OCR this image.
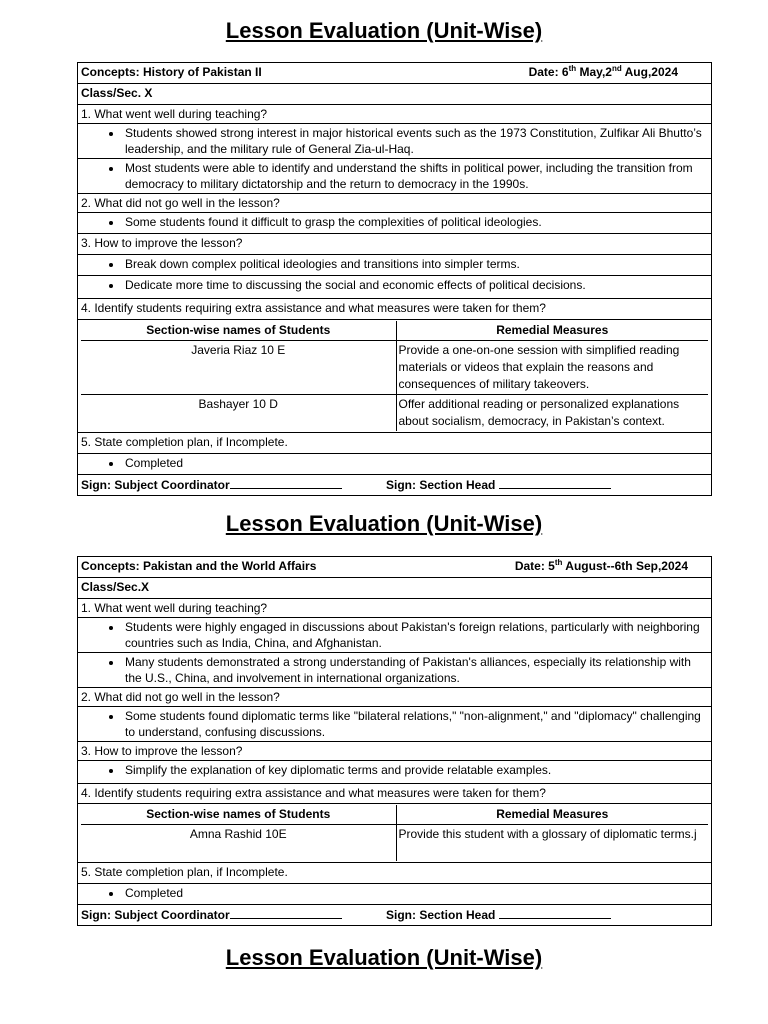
Lesson Evaluation (Unit-Wise)
Concepts: History of Pakistan II	Date: 6th May,2nd Aug,2024

Class/Sec. X
1. What went well during teaching?

• Students showed strong interest in major historical events such as the 1973 Constitution, Zulfikar Ali Bhutto’s leadership, and the military rule of General Zia-ul-Haq.

• Most students were able to identify and understand the shifts in political power, including the transition from democracy to military dictatorship and the return to democracy in the 1990s.

2. What did not go well in the lesson?

• Some students found it difficult to grasp the complexities of political ideologies.

3. How to improve the lesson?

• Break down complex political ideologies and transitions into simpler terms.

• Dedicate more time to discussing the social and economic effects of political decisions.

4. Identify students requiring extra assistance and what measures were taken for them?

Section-wise names of Students	Remedial Measures
Javeria Riaz 10 E	Provide a one-on-one session with simplified reading materials or videos that explain the reasons and consequences of military takeovers.
Bashayer 10 D	Offer additional reading or personalized explanations about socialism, democracy, in Pakistan’s context.

5. State completion plan, if Incomplete.

• Completed

Sign: Subject Coordinator	Sign: Section Head
Lesson Evaluation (Unit-Wise)
Concepts: Pakistan and the World Affairs	Date: 5th August--6th Sep,2024

Class/Sec.X
1. What went well during teaching?

• Students were highly engaged in discussions about Pakistan's foreign relations, particularly with neighboring countries such as India, China, and Afghanistan.

• Many students demonstrated a strong understanding of Pakistan's alliances, especially its relationship with the U.S., China, and involvement in international organizations.

2. What did not go well in the lesson?

• Some students found diplomatic terms like "bilateral relations," "non-alignment," and "diplomacy" challenging to understand, confusing discussions.

3. How to improve the lesson?

• Simplify the explanation of key diplomatic terms and provide relatable examples.

4. Identify students requiring extra assistance and what measures were taken for them?

Section-wise names of Students	Remedial Measures
Amna Rashid 10E	Provide this student with a glossary of diplomatic terms.j

5. State completion plan, if Incomplete.

• Completed

Sign: Subject Coordinator	Sign: Section Head
Lesson Evaluation (Unit-Wise)
